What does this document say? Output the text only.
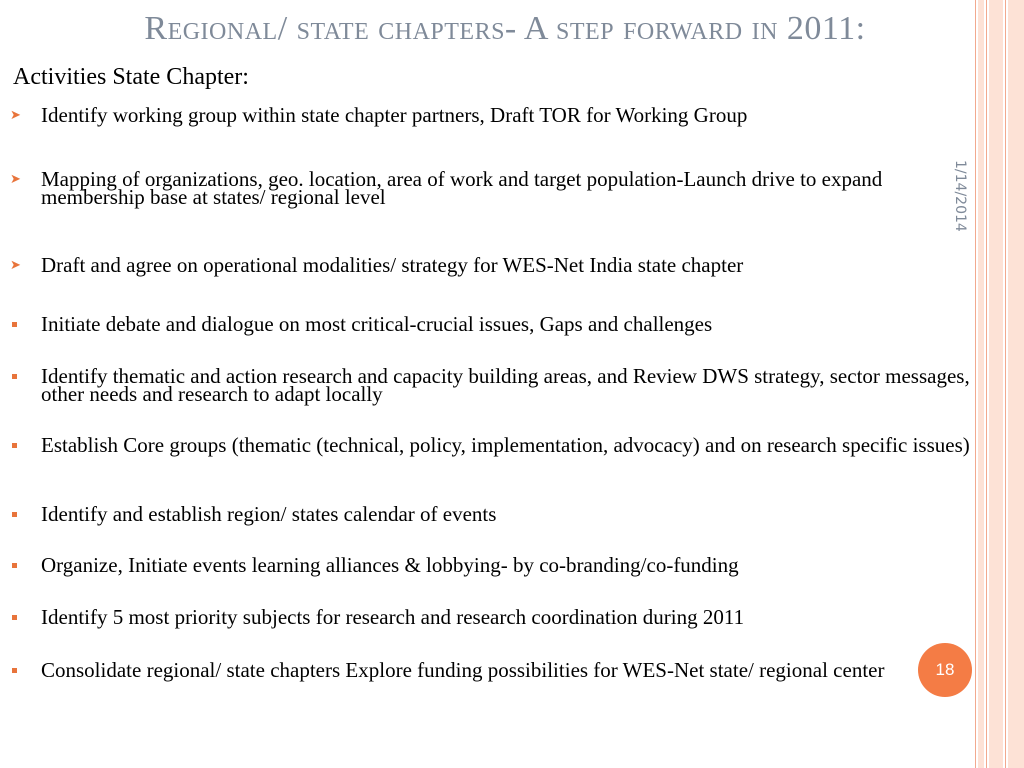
Regional/ state chapters- A step forward in 2011:
Activities State Chapter:
➤ Identify working group within state chapter partners, Draft TOR for Working Group
➤ Mapping of organizations, geo. location, area of work and target population-Launch drive to expand membership base at states/ regional level
➤ Draft and agree on operational modalities/ strategy for WES-Net India state chapter
Initiate debate and dialogue on most critical-crucial issues, Gaps and challenges
Identify thematic and action research and capacity building areas, and Review DWS strategy, sector messages, other needs and research to adapt locally
Establish Core groups (thematic (technical, policy, implementation, advocacy) and on research specific issues)
Identify and establish region/ states calendar of events
Organize, Initiate events learning alliances & lobbying- by co-branding/co-funding
Identify 5 most priority subjects for research and research coordination during 2011
Consolidate regional/ state chapters Explore funding possibilities for WES-Net state/ regional center
1/14/2014
18
